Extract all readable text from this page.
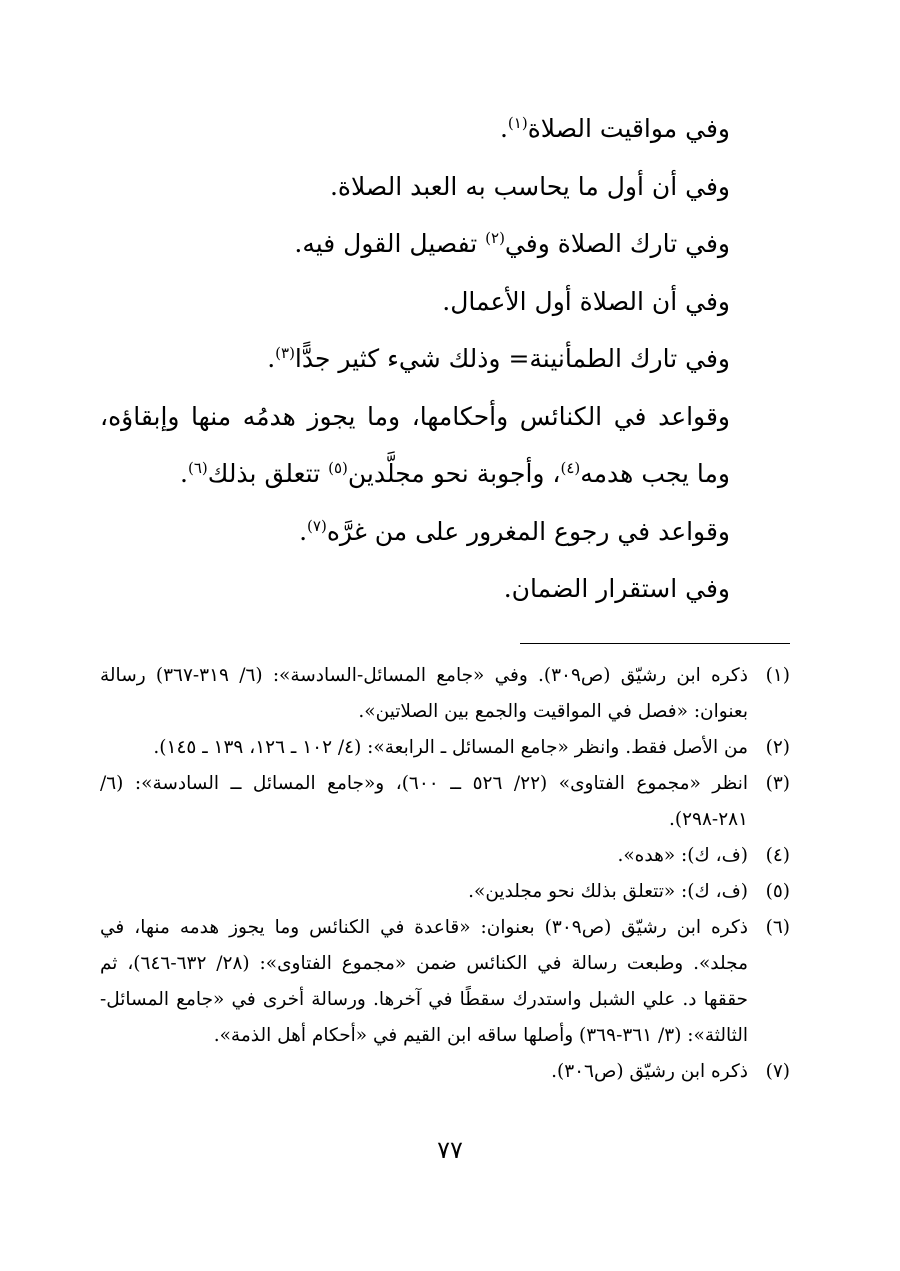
وفي مواقيت الصلاة$^{(١)}$.

وفي أن أول ما يحاسب به العبد الصلاة.

وفي تارك الصلاة وفي$^{(٢)}$ تفصيل القول فيه.

وفي أن الصلاة أول الأعمال.

وفي تارك الطمأنينة= وذلك شيء كثير جدًّا$^{(٣)}$.

وقواعد في الكنائس وأحكامها، وما يجوز هدمُه منها وإبقاؤه، وما يجب هدمه$^{(٤)}$، وأجوبة نحو مجلَّدين$^{(٥)}$ تتعلق بذلك$^{(٦)}$.

وقواعد في رجوع المغرور على من غرَّه$^{(٧)}$.

وفي استقرار الضمان.

(١)
ذكره ابن رشيّق (ص٣٠٩). وفي «جامع المسائل-السادسة»: (٦/ ٣١٩-٣٦٧) رسالة بعنوان: «فصل في المواقيت والجمع بين الصلاتين».
(٢)
من الأصل فقط. وانظر «جامع المسائل ـ الرابعة»: (٤/ ١٠٢ ـ ١٢٦، ١٣٩ ـ ١٤٥).
(٣)
انظر «مجموع الفتاوى» (٢٢/ ٥٢٦ ــ ٦٠٠)، و«جامع المسائل ــ السادسة»: (٦/ ٢٨١-٢٩٨).
(٤)
(ف، ك): «هده».
(٥)
(ف، ك): «تتعلق بذلك نحو مجلدين».
(٦)
ذكره ابن رشيّق (ص٣٠٩) بعنوان: «قاعدة في الكنائس وما يجوز هدمه منها، في مجلد». وطبعت رسالة في الكنائس ضمن «مجموع الفتاوى»: (٢٨/ ٦٣٢-٦٤٦)، ثم حققها د. علي الشبل واستدرك سقطًا في آخرها. ورسالة أخرى في «جامع المسائل-الثالثة»: (٣/ ٣٦١-٣٦٩) وأصلها ساقه ابن القيم في «أحكام أهل الذمة».
(٧)
ذكره ابن رشيّق (ص٣٠٦).
٧٧
